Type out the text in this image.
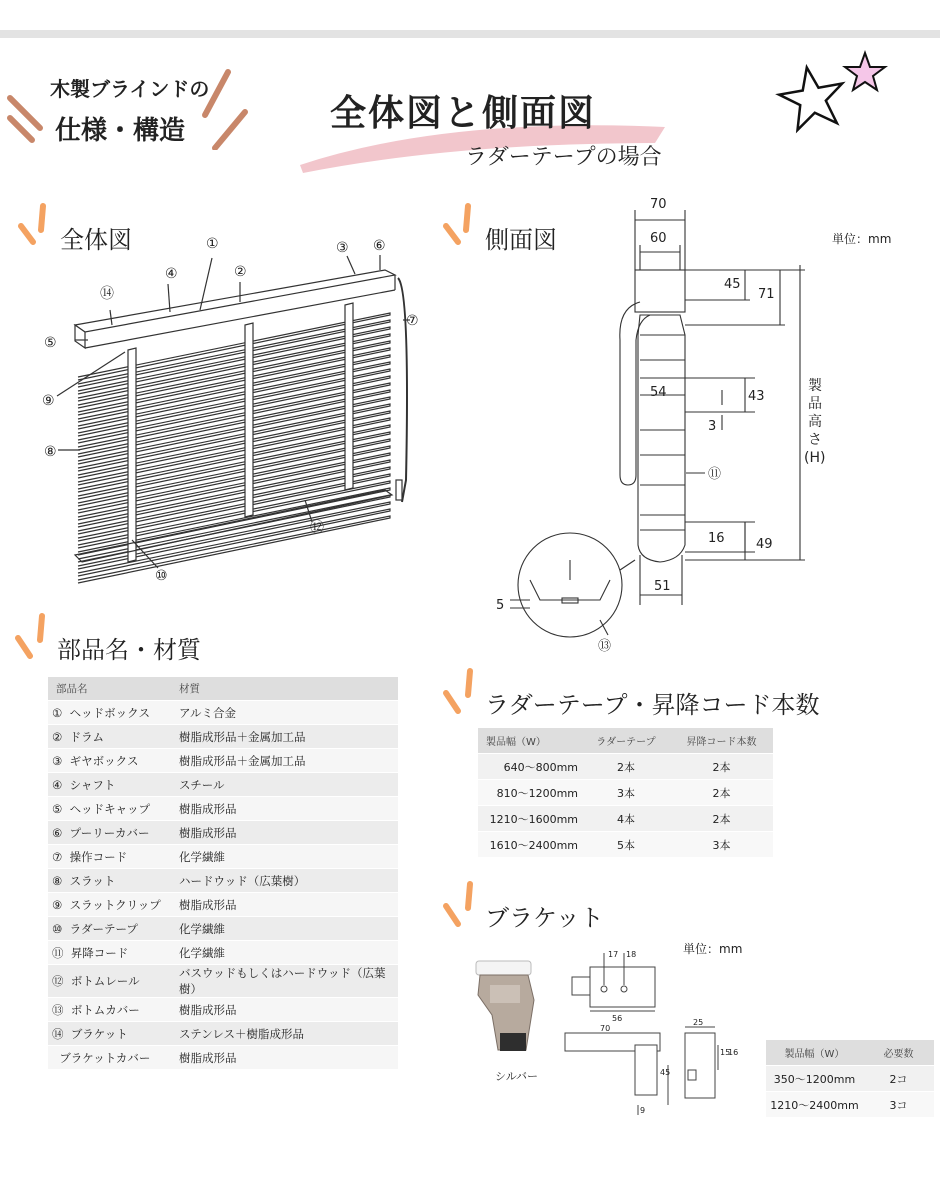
木製ブラインドの
仕様・構造	全体図と側面図
ラダーテープの場合
全体図	①
②
③
④
⑤
⑥
⑦
⑧
⑨
⑩
⑫
⑭
側面図	単位：mm
70
60
45
71
54	43
3
16 49
51
5
⑪
⑬
製
品
高
さ
(H)
部品名・材質
部品名	材質
① ヘッドボックス	アルミ合金
② ドラム	樹脂成形品＋金属加工品
③ ギヤボックス	樹脂成形品＋金属加工品
④ シャフト	スチール
⑤ ヘッドキャップ	樹脂成形品
⑥ プーリーカバー	樹脂成形品
⑦ 操作コード	化学繊維
⑧ スラット	ハードウッド（広葉樹）
⑨ スラットクリップ	樹脂成形品
⑩ ラダーテープ	化学繊維
⑪ 昇降コード	化学繊維
⑫ ボトムレール	バスウッドもしくはハードウッド（広葉樹）
⑬ ボトムカバー	樹脂成形品
⑭ ブラケット	ステンレス＋樹脂成形品
ブラケットカバー	樹脂成形品
ラダーテープ・昇降コード本数
製品幅（W）	ラダーテープ	昇降コード本数
640〜800mm	2本	2本
810〜1200mm	3本	2本
1210〜1600mm	4本	2本
1610〜2400mm	5本	3本
ブラケット
単位：mm
シルバー
17 18
56
70
25
45
9
15
16	製品幅（W）	必要数
350〜1200mm	2コ
1210〜2400mm	3コ
